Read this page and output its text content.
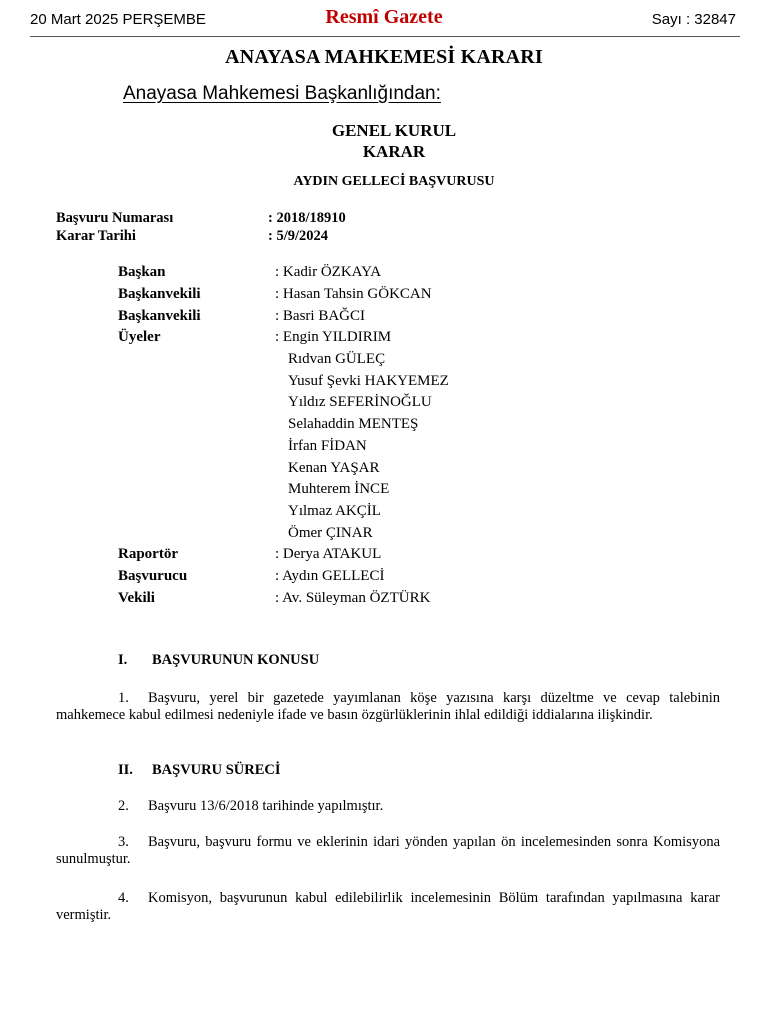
20 Mart 2025 PERŞEMBE	Resmî Gazete	Sayı : 32847
ANAYASA MAHKEMESİ KARARI
Anayasa Mahkemesi Başkanlığından:
GENEL KURUL
KARAR
AYDIN GELLECİ BAŞVURUSU
Başvuru Numarası	: 2018/18910
Karar Tarihi	: 5/9/2024
Başkan	: Kadir ÖZKAYA
Başkanvekili	: Hasan Tahsin GÖKCAN
Başkanvekili	: Basri BAĞCI
Üyeler	: Engin YILDIRIM
Rıdvan GÜLEÇ
Yusuf Şevki HAKYEMEZ
Yıldız SEFERİNOĞLU
Selahaddin MENTEŞ
İrfan FİDAN
Kenan YAŞAR
Muhterem İNCE
Yılmaz AKÇİL
Ömer ÇINAR
Raportör	: Derya ATAKUL
Başvurucu	: Aydın GELLECİ
Vekili	: Av. Süleyman ÖZTÜRK
I. BAŞVURUNUN KONUSU
1. Başvuru, yerel bir gazetede yayımlanan köşe yazısına karşı düzeltme ve cevap talebinin mahkemece kabul edilmesi nedeniyle ifade ve basın özgürlüklerinin ihlal edildiği iddialarına ilişkindir.
II. BAŞVURU SÜRECİ
2. Başvuru 13/6/2018 tarihinde yapılmıştır.
3. Başvuru, başvuru formu ve eklerinin idari yönden yapılan ön incelemesinden sonra Komisyona sunulmuştur.
4. Komisyon, başvurunun kabul edilebilirlik incelemesinin Bölüm tarafından yapılmasına karar vermiştir.
